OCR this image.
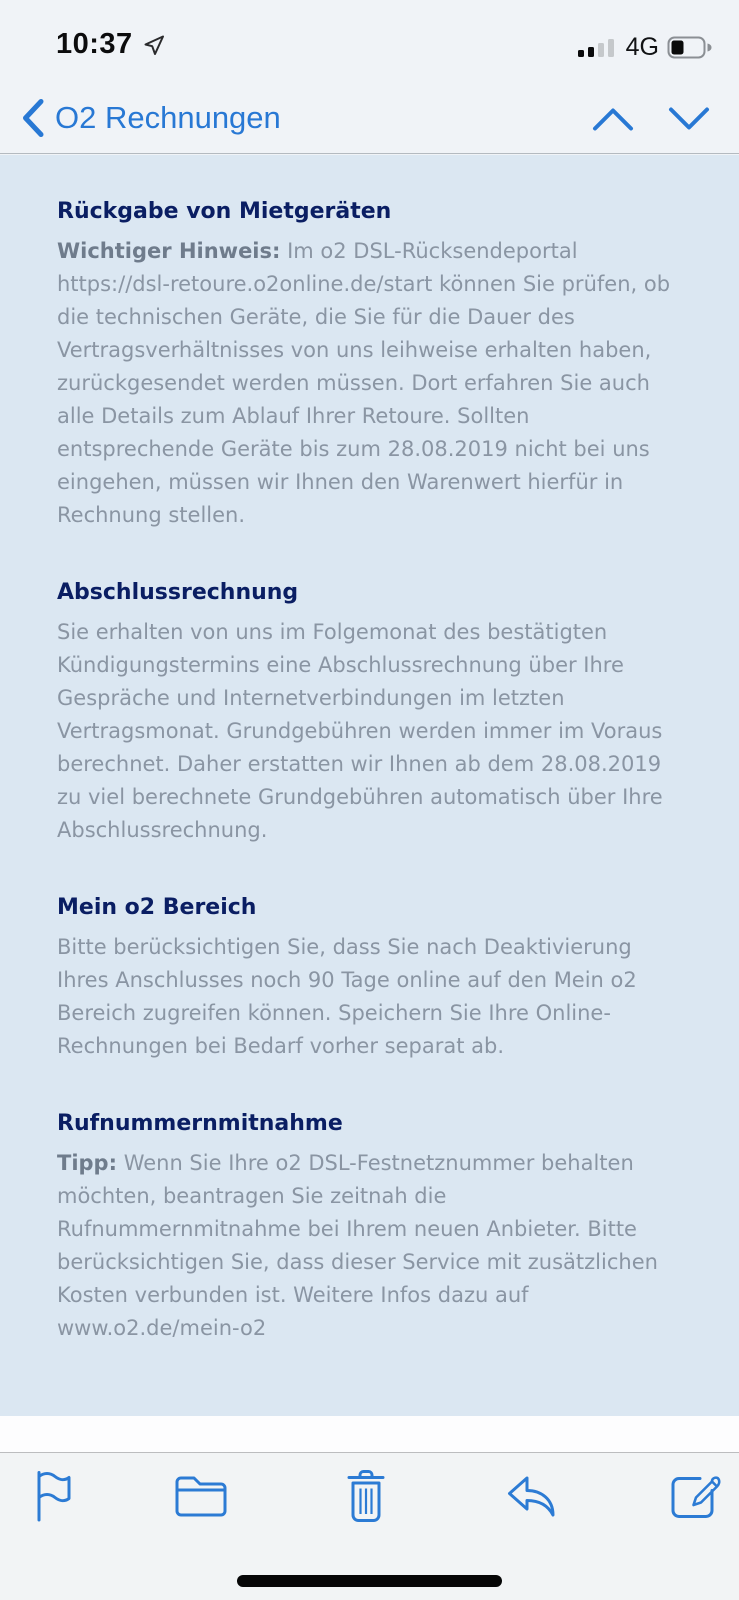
10:37	4G
O2 Rechnungen
Rückgabe von Mietgeräten

Wichtiger Hinweis: Im o2 DSL-Rücksendeportal https://dsl-retoure.o2online.de/start können Sie prüfen, ob die technischen Geräte, die Sie für die Dauer des Vertragsverhältnisses von uns leihweise erhalten haben, zurückgesendet werden müssen. Dort erfahren Sie auch alle Details zum Ablauf Ihrer Retoure. Sollten entsprechende Geräte bis zum 28.08.2019 nicht bei uns eingehen, müssen wir Ihnen den Warenwert hierfür in Rechnung stellen.

Abschlussrechnung

Sie erhalten von uns im Folgemonat des bestätigten Kündigungstermins eine Abschlussrechnung über Ihre Gespräche und Internetverbindungen im letzten Vertragsmonat. Grundgebühren werden immer im Voraus berechnet. Daher erstatten wir Ihnen ab dem 28.08.2019 zu viel berechnete Grundgebühren automatisch über Ihre Abschlussrechnung.

Mein o2 Bereich

Bitte berücksichtigen Sie, dass Sie nach Deaktivierung Ihres Anschlusses noch 90 Tage online auf den Mein o2 Bereich zugreifen können. Speichern Sie Ihre Online-Rechnungen bei Bedarf vorher separat ab.

Rufnummernmitnahme

Tipp: Wenn Sie Ihre o2 DSL-Festnetznummer behalten möchten, beantragen Sie zeitnah die Rufnummernmitnahme bei Ihrem neuen Anbieter. Bitte berücksichtigen Sie, dass dieser Service mit zusätzlichen Kosten verbunden ist. Weitere Infos dazu auf www.o2.de/mein-o2
